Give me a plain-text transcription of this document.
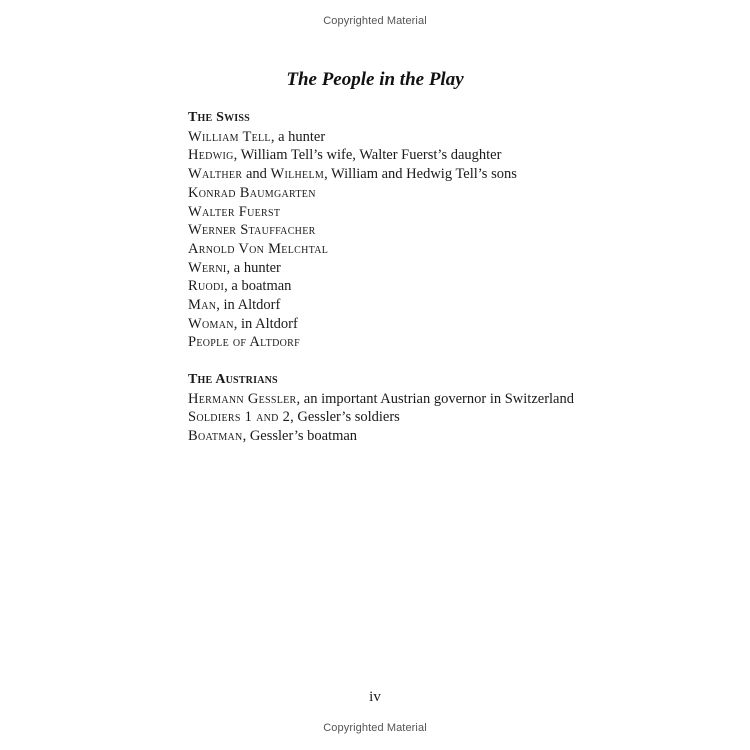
Copyrighted Material
The People in the Play
The Swiss
William Tell, a hunter
Hedwig, William Tell’s wife, Walter Fuerst’s daughter
Walther and Wilhelm, William and Hedwig Tell’s sons
Konrad Baumgarten
Walter Fuerst
Werner Stauffacher
Arnold Von Melchtal
Werni, a hunter
Ruodi, a boatman
Man, in Altdorf
Woman, in Altdorf
People of Altdorf
The Austrians
Hermann Gessler, an important Austrian governor in Switzerland
Soldiers 1 and 2, Gessler’s soldiers
Boatman, Gessler’s boatman
iv
Copyrighted Material
